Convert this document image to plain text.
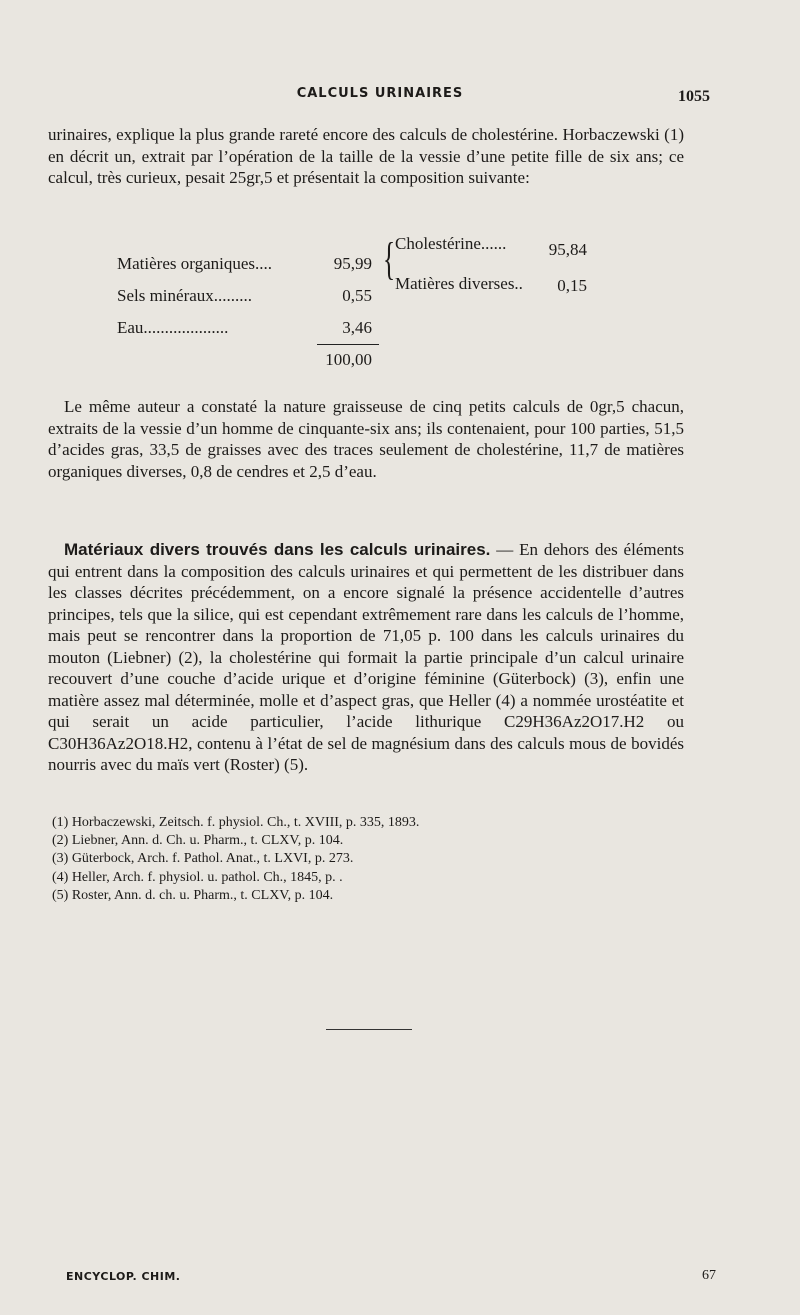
CALCULS URINAIRES	1055

urinaires, explique la plus grande rareté encore des calculs de cholestérine. Horbaczewski (1) en décrit un, extrait par l’opération de la taille de la vessie d’une petite fille de six ans; ce calcul, très curieux, pesait 25gr,5 et présentait la composition suivante:

Matières organiques....	95,99
Sels minéraux.........	0,55
Eau....................	3,46
100,00
{ Cholestérine......	95,84
Matières diverses..	0,15

Le même auteur a constaté la nature graisseuse de cinq petits calculs de 0gr,5 chacun, extraits de la vessie d’un homme de cinquante-six ans; ils contenaient, pour 100 parties, 51,5 d’acides gras, 33,5 de graisses avec des traces seulement de cholestérine, 11,7 de matières organiques diverses, 0,8 de cendres et 2,5 d’eau.

Matériaux divers trouvés dans les calculs urinaires. — En dehors des éléments qui entrent dans la composition des calculs urinaires et qui permettent de les distribuer dans les classes décrites précédemment, on a encore signalé la présence accidentelle d’autres principes, tels que la silice, qui est cependant extrêmement rare dans les calculs de l’homme, mais peut se rencontrer dans la proportion de 71,05 p. 100 dans les calculs urinaires du mouton (Liebner) (2), la cholestérine qui formait la partie principale d’un calcul urinaire recouvert d’une couche d’acide urique et d’origine féminine (Güterbock) (3), enfin une matière assez mal déterminée, molle et d’aspect gras, que Heller (4) a nommée urostéatite et qui serait un acide particulier, l’acide lithurique C29H36Az2O17.H2 ou C30H36Az2O18.H2, contenu à l’état de sel de magnésium dans des calculs mous de bovidés nourris avec du maïs vert (Roster) (5).

(1) Horbaczewski, Zeitsch. f. physiol. Ch., t. XVIII, p. 335, 1893.
(2) Liebner, Ann. d. Ch. u. Pharm., t. CLXV, p. 104.
(3) Güterbock, Arch. f. Pathol. Anat., t. LXVI, p. 273.
(4) Heller, Arch. f. physiol. u. pathol. Ch., 1845, p. .
(5) Roster, Ann. d. ch. u. Pharm., t. CLXV, p. 104.
ENCYCLOP. CHIM.	67
